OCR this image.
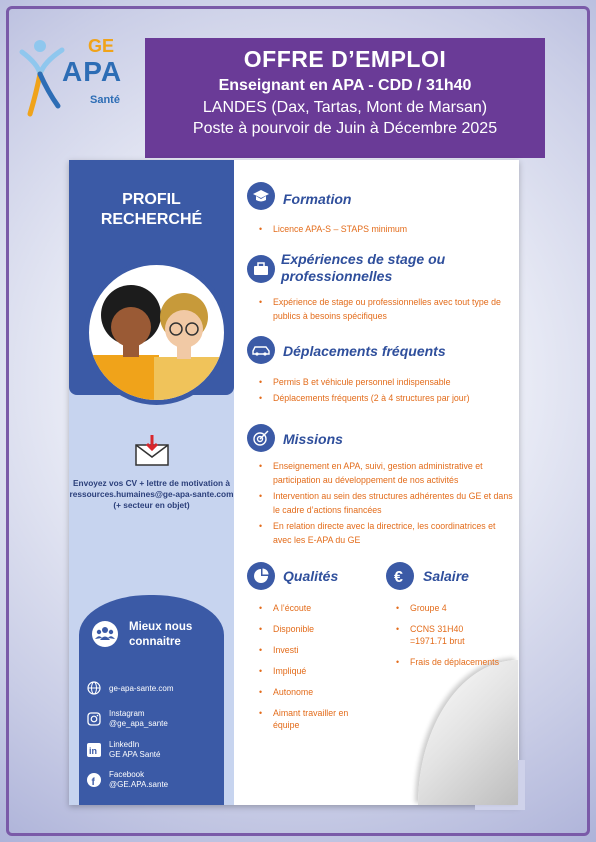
GE
APA
Santé
OFFRE D’EMPLOI
Enseignant en APA - CDD / 31h40
LANDES (Dax, Tartas, Mont de Marsan)
Poste à pourvoir de Juin à Décembre 2025
PROFIL
RECHERCHÉ
Envoyez vos CV + lettre de motivation à
ressources.humaines@ge-apa-sante.com
(+ secteur en objet)
Mieux nous
connaitre
ge-apa-sante.com
Instagram
@ge_apa_sante
in
LinkedIn
GE APA Santé
f
Facebook
@GE.APA.sante
Formation
• Licence APA-S – STAPS minimum
Expériences de stage ou
professionnelles
• Expérience de stage ou professionnelles avec tout type de publics à besoins spécifiques
Déplacements fréquents
• Permis B et véhicule personnel indispensable
• Déplacements fréquents (2 à 4 structures par jour)
Missions
• Enseignement en APA, suivi, gestion administrative et participation au développement de nos activités
• Intervention au sein des structures adhérentes du GE et dans le cadre d’actions financées
• En relation directe avec la directrice, les coordinatrices et avec les E-APA du GE
Qualités
• A l’écoute
• Disponible
• Investi
• Impliqué
• Autonome
• Aimant travailler en équipe
€ Salaire
• Groupe 4
• CCNS 31H40 =1971.71 brut
• Frais de déplacements
